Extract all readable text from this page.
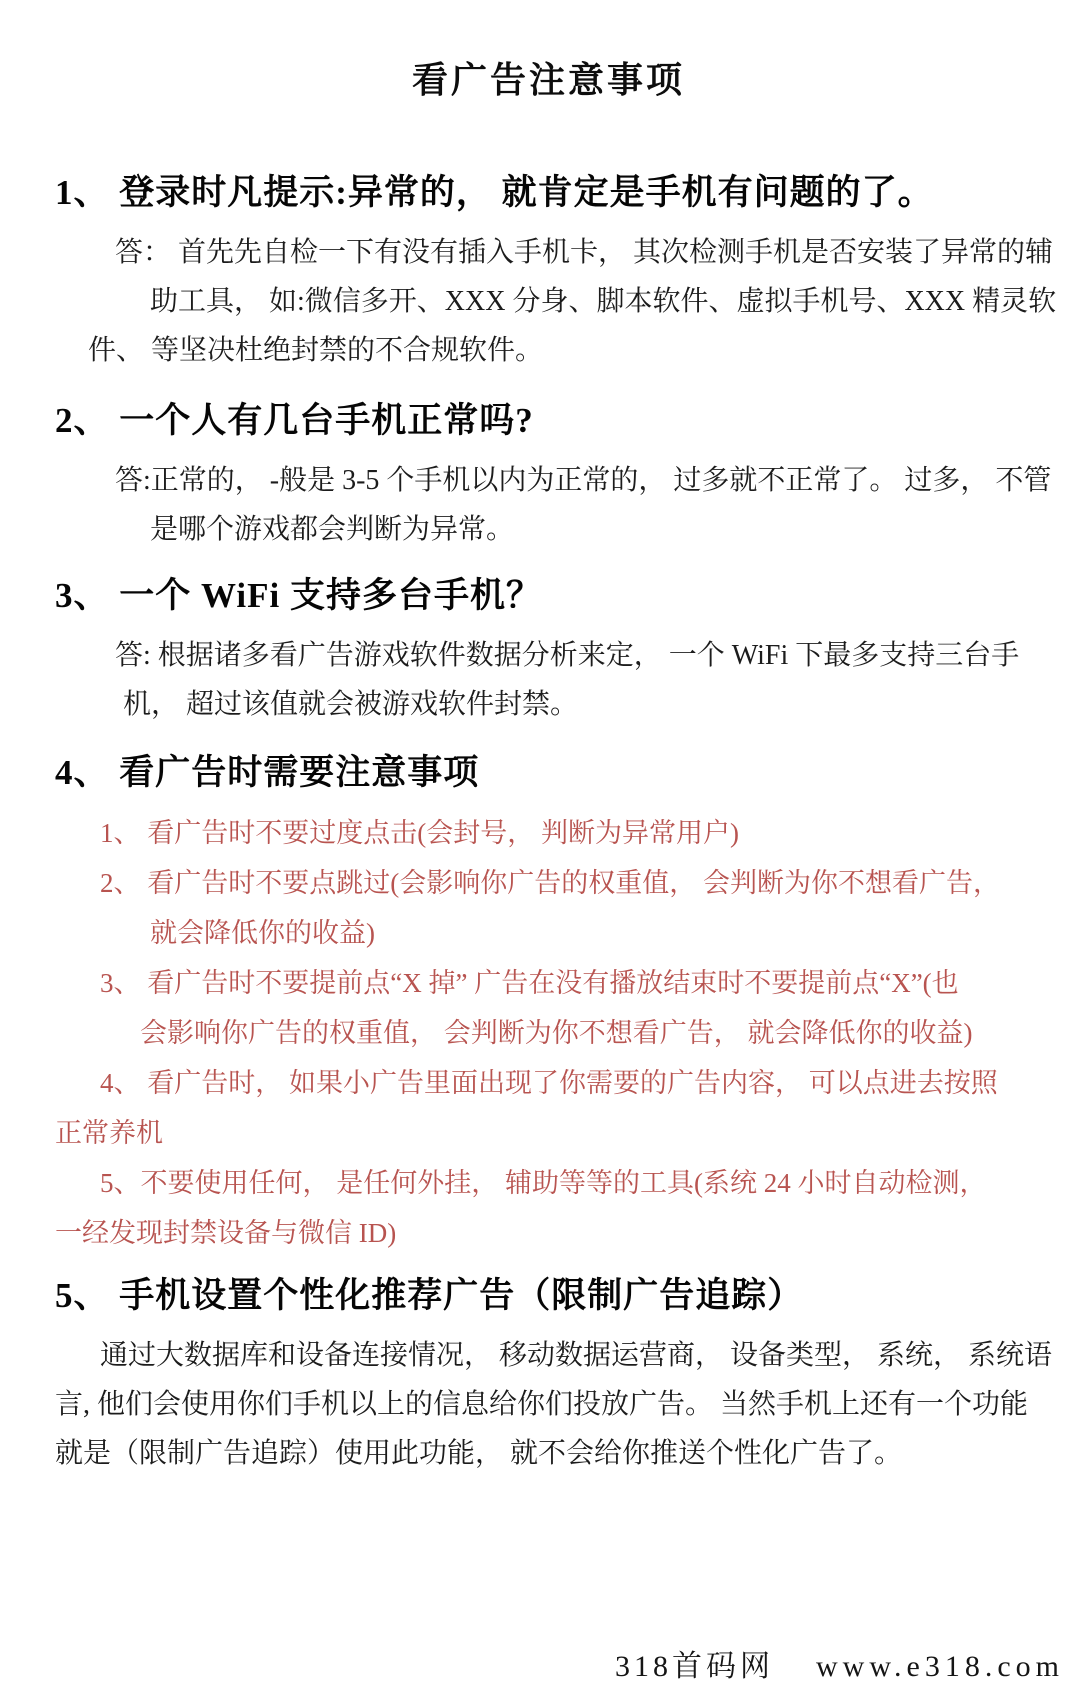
看广告注意事项
1、 登录时凡提示:异常的， 就肯定是手机有问题的了。

答： 首先先自检一下有没有插入手机卡， 其次检测手机是否安装了异常的辅

助工具， 如:微信多开、XXX 分身、脚本软件、虚拟手机号、XXX 精灵软

件、 等坚决杜绝封禁的不合规软件。

2、 一个人有几台手机正常吗?

答:正常的， -般是 3-5 个手机以内为正常的， 过多就不正常了。 过多， 不管

是哪个游戏都会判断为异常。

3、 一个 WiFi 支持多台手机？

答: 根据诸多看广告游戏软件数据分析来定， 一个 WiFi 下最多支持三台手

机， 超过该值就会被游戏软件封禁。

4、 看广告时需要注意事项

1、 看广告时不要过度点击(会封号， 判断为异常用户)

2、 看广告时不要点跳过(会影响你广告的权重值， 会判断为你不想看广告，

就会降低你的收益)

3、 看广告时不要提前点“X 掉” 广告在没有播放结束时不要提前点“X”(也

会影响你广告的权重值， 会判断为你不想看广告， 就会降低你的收益)

4、 看广告时， 如果小广告里面出现了你需要的广告内容， 可以点进去按照

正常养机

5、不要使用任何， 是任何外挂， 辅助等等的工具(系统 24 小时自动检测，

一经发现封禁设备与微信 ID)

5、 手机设置个性化推荐广告（限制广告追踪）

通过大数据库和设备连接情况， 移动数据运营商， 设备类型， 系统， 系统语

言, 他们会使用你们手机以上的信息给你们投放广告。 当然手机上还有一个功能

就是（限制广告追踪）使用此功能， 就不会给你推送个性化广告了。

318首码网 www.e318.com
